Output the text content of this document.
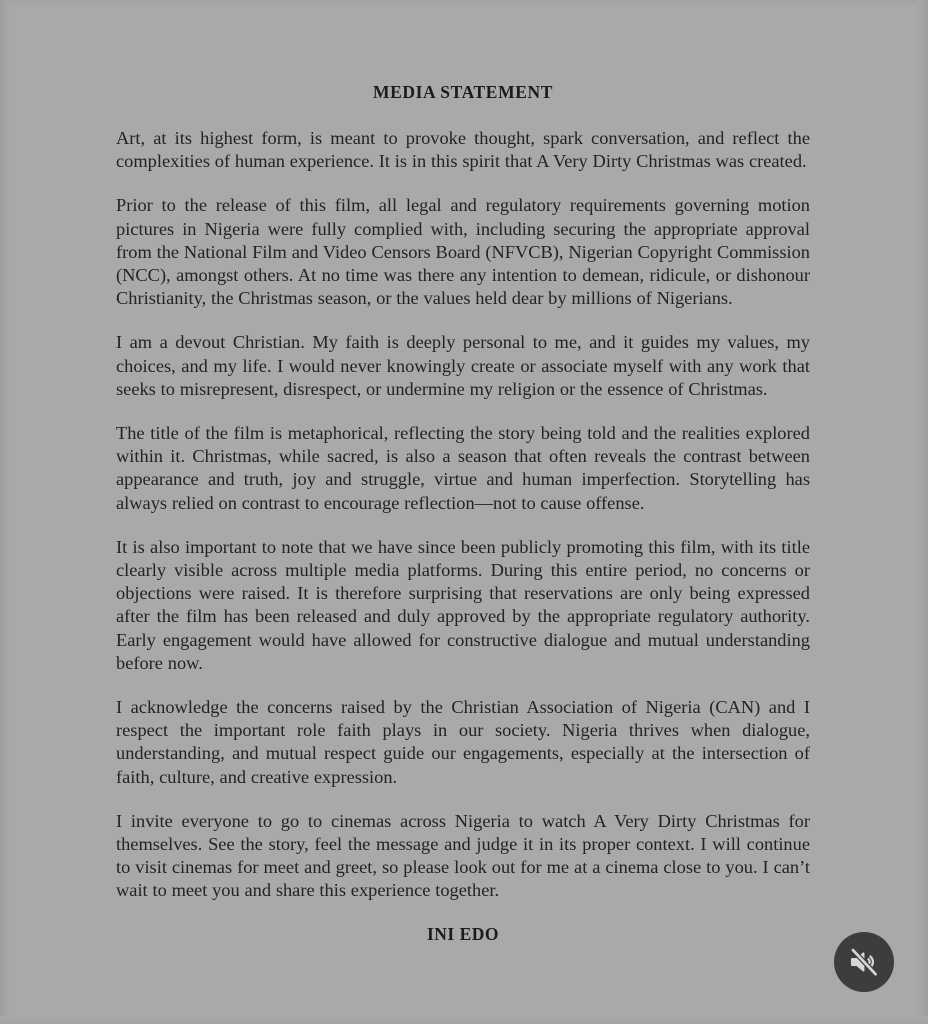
MEDIA STATEMENT

Art, at its highest form, is meant to provoke thought, spark conversation, and reflect the complexities of human experience. It is in this spirit that A Very Dirty Christmas was created.

Prior to the release of this film, all legal and regulatory requirements governing motion pictures in Nigeria were fully complied with, including securing the appropriate approval from the National Film and Video Censors Board (NFVCB), Nigerian Copyright Commission (NCC), amongst others. At no time was there any intention to demean, ridicule, or dishonour Christianity, the Christmas season, or the values held dear by millions of Nigerians.

I am a devout Christian. My faith is deeply personal to me, and it guides my values, my choices, and my life. I would never knowingly create or associate myself with any work that seeks to misrepresent, disrespect, or undermine my religion or the essence of Christmas.

The title of the film is metaphorical, reflecting the story being told and the realities explored within it. Christmas, while sacred, is also a season that often reveals the contrast between appearance and truth, joy and struggle, virtue and human imperfection. Storytelling has always relied on contrast to encourage reflection—not to cause offense.

It is also important to note that we have since been publicly promoting this film, with its title clearly visible across multiple media platforms. During this entire period, no concerns or objections were raised. It is therefore surprising that reservations are only being expressed after the film has been released and duly approved by the appropriate regulatory authority. Early engagement would have allowed for constructive dialogue and mutual understanding before now.

I acknowledge the concerns raised by the Christian Association of Nigeria (CAN) and I respect the important role faith plays in our society. Nigeria thrives when dialogue, understanding, and mutual respect guide our engagements, especially at the intersection of faith, culture, and creative expression.

I invite everyone to go to cinemas across Nigeria to watch A Very Dirty Christmas for themselves. See the story, feel the message and judge it in its proper context. I will continue to visit cinemas for meet and greet, so please look out for me at a cinema close to you. I can’t wait to meet you and share this experience together.

INI EDO
